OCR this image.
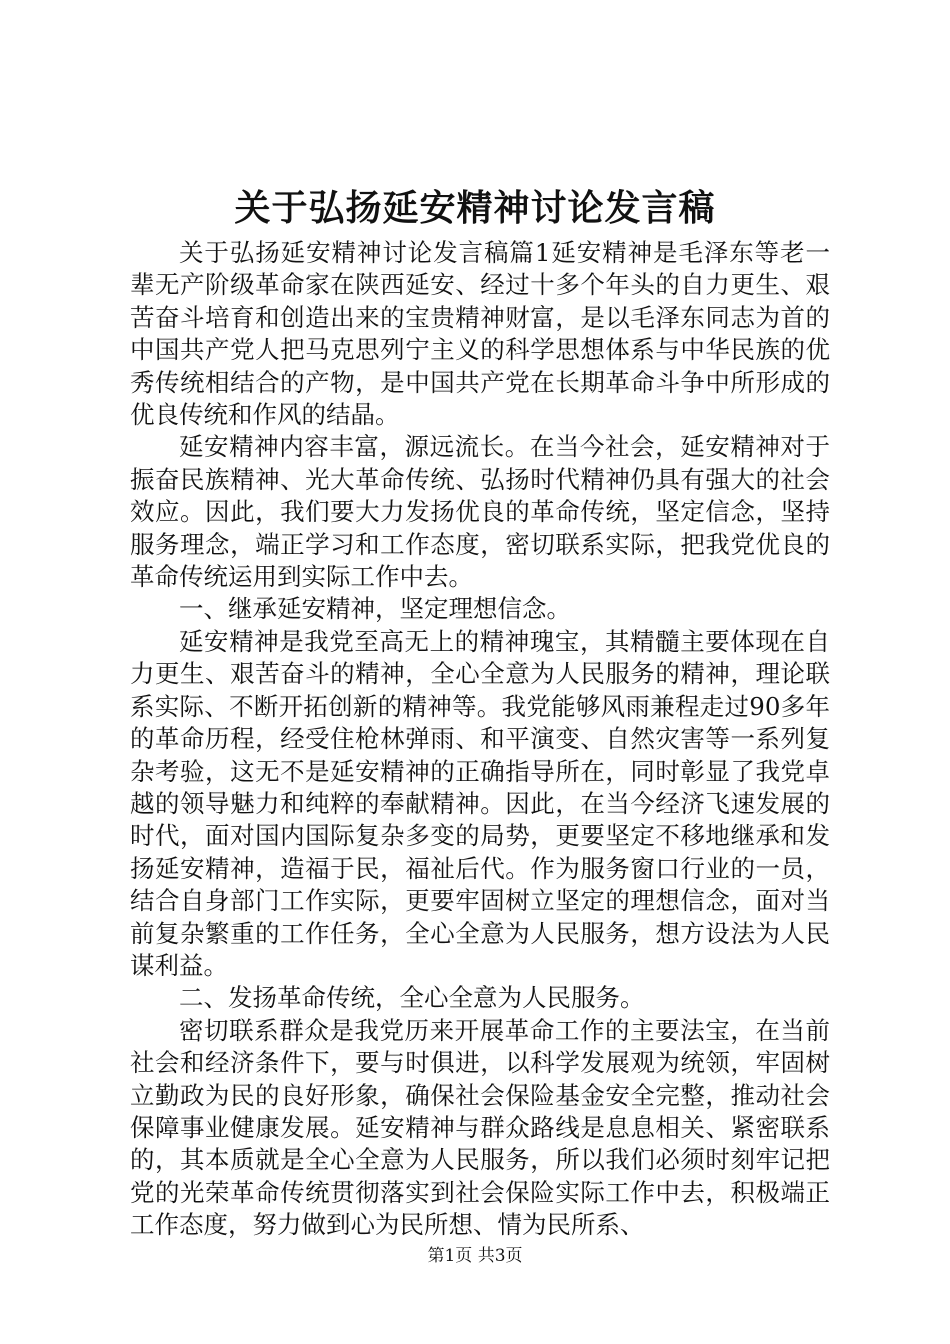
关于弘扬延安精神讨论发言稿

关于弘扬延安精神讨论发言稿篇1延安精神是毛泽东等老一辈无产阶级革命家在陕西延安、经过十多个年头的自力更生、艰苦奋斗培育和创造出来的宝贵精神财富，是以毛泽东同志为首的中国共产党人把马克思列宁主义的科学思想体系与中华民族的优秀传统相结合的产物，是中国共产党在长期革命斗争中所形成的优良传统和作风的结晶。

延安精神内容丰富，源远流长。在当今社会，延安精神对于振奋民族精神、光大革命传统、弘扬时代精神仍具有强大的社会效应。因此，我们要大力发扬优良的革命传统，坚定信念，坚持服务理念，端正学习和工作态度，密切联系实际，把我党优良的革命传统运用到实际工作中去。

一、继承延安精神，坚定理想信念。

延安精神是我党至高无上的精神瑰宝，其精髓主要体现在自力更生、艰苦奋斗的精神，全心全意为人民服务的精神，理论联系实际、不断开拓创新的精神等。我党能够风雨兼程走过90多年的革命历程，经受住枪林弹雨、和平演变、自然灾害等一系列复杂考验，这无不是延安精神的正确指导所在，同时彰显了我党卓越的领导魅力和纯粹的奉献精神。因此，在当今经济飞速发展的时代，面对国内国际复杂多变的局势，更要坚定不移地继承和发扬延安精神，造福于民，福祉后代。作为服务窗口行业的一员，结合自身部门工作实际，更要牢固树立坚定的理想信念，面对当前复杂繁重的工作任务，全心全意为人民服务，想方设法为人民谋利益。

二、发扬革命传统，全心全意为人民服务。

密切联系群众是我党历来开展革命工作的主要法宝，在当前社会和经济条件下，要与时俱进，以科学发展观为统领，牢固树立勤政为民的良好形象，确保社会保险基金安全完整，推动社会保障事业健康发展。延安精神与群众路线是息息相关、紧密联系的，其本质就是全心全意为人民服务，所以我们必须时刻牢记把党的光荣革命传统贯彻落实到社会保险实际工作中去，积极端正工作态度，努力做到心为民所想、情为民所系、

第1页 共3页
